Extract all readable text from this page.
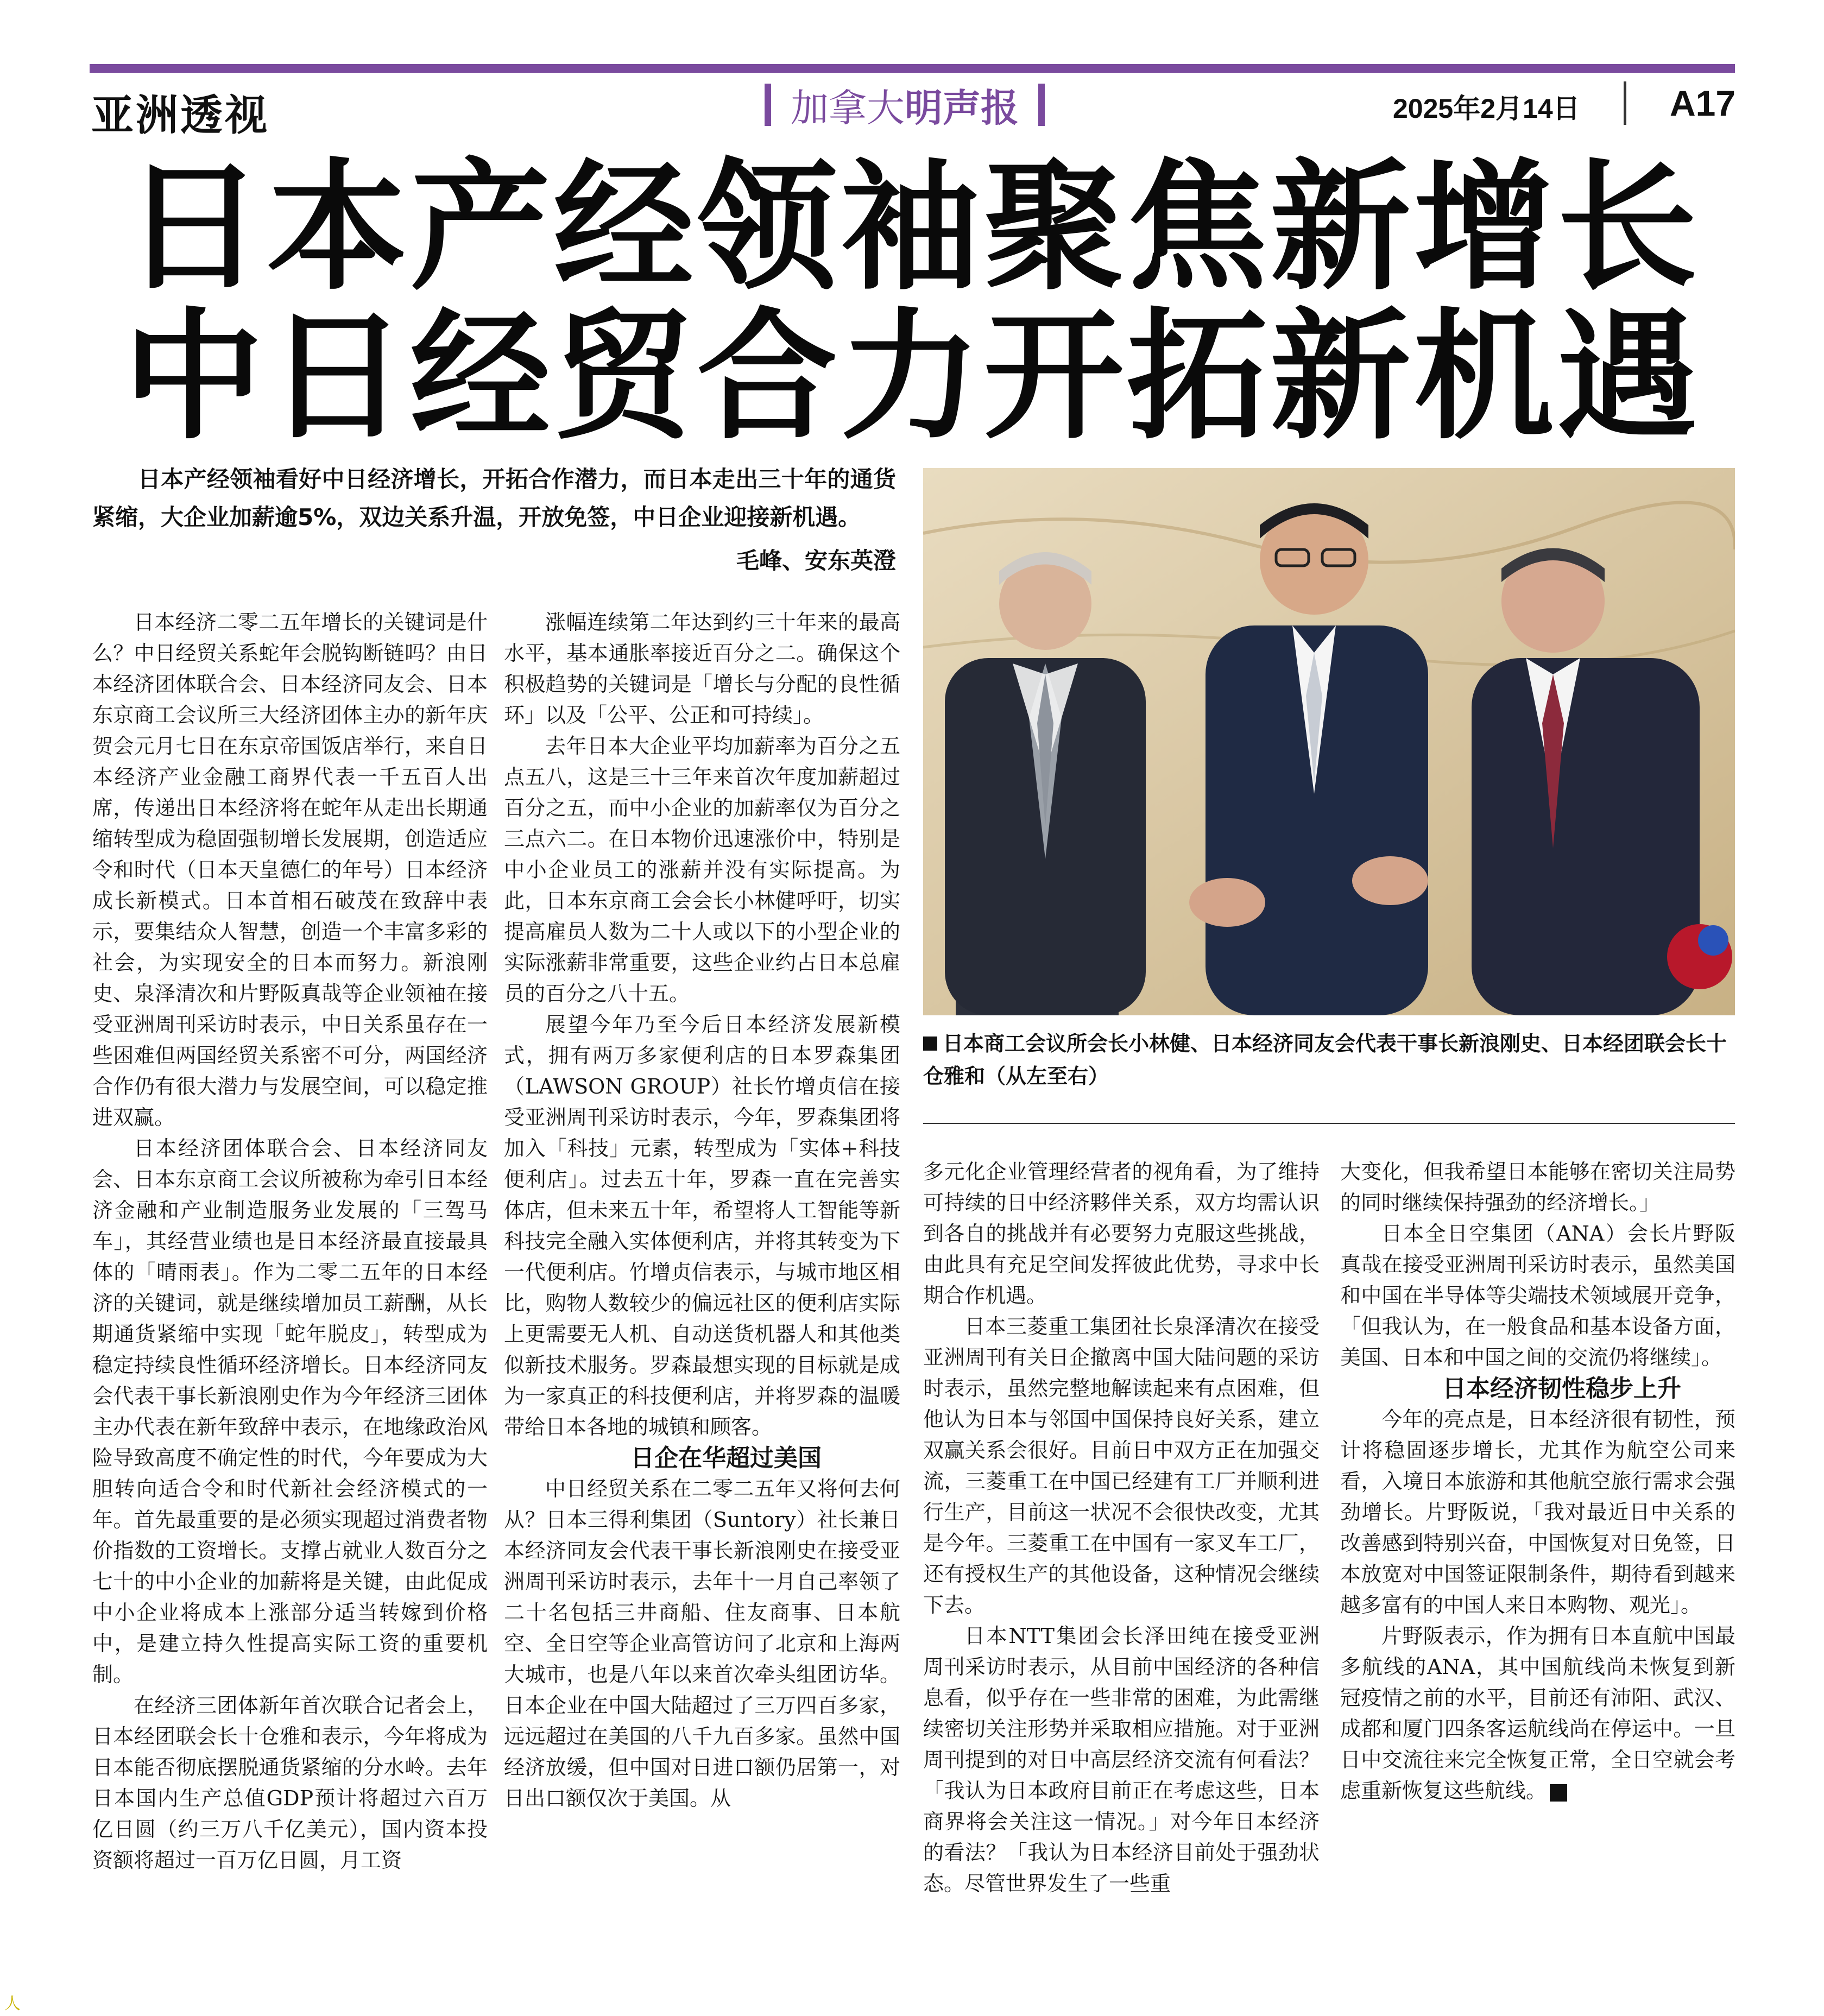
亚洲透视	加拿大 明声报	2025年2月14日	A17
日本产经领袖聚焦新增长
中日经贸合力开拓新机遇
日本产经领袖看好中日经济增长，开拓合作潜力，而日本走出三十年的通货紧缩，大企业加薪逾5%，双边关系升温，开放免签，中日企业迎接新机遇。
毛峰、安东英澄
日本商工会议所会长小林健、日本经济同友会代表干事长新浪刚史、日本经团联会长十仓雅和（从左至右）

日本经济二零二五年增长的关键词是什么？中日经贸关系蛇年会脱钩断链吗？由日本经济团体联合会、日本经济同友会、日本东京商工会议所三大经济团体主办的新年庆贺会元月七日在东京帝国饭店举行，来自日本经济产业金融工商界代表一千五百人出席，传递出日本经济将在蛇年从走出长期通缩转型成为稳固强韧增长发展期，创造适应令和时代（日本天皇德仁的年号）日本经济成长新模式。日本首相石破茂在致辞中表示，要集结众人智慧，创造一个丰富多彩的社会，为实现安全的日本而努力。新浪刚史、泉泽清次和片野阪真哉等企业领袖在接受亚洲周刊采访时表示，中日关系虽存在一些困难但两国经贸关系密不可分，两国经济合作仍有很大潜力与发展空间，可以稳定推进双赢。

日本经济团体联合会、日本经济同友会、日本东京商工会议所被称为牵引日本经济金融和产业制造服务业发展的「三驾马车」，其经营业绩也是日本经济最直接最具体的「晴雨表」。作为二零二五年的日本经济的关键词，就是继续增加员工薪酬，从长期通货紧缩中实现「蛇年脱皮」，转型成为稳定持续良性循环经济增长。日本经济同友会代表干事长新浪刚史作为今年经济三团体主办代表在新年致辞中表示，在地缘政治风险导致高度不确定性的时代，今年要成为大胆转向适合令和时代新社会经济模式的一年。首先最重要的是必须实现超过消费者物价指数的工资增长。支撑占就业人数百分之七十的中小企业的加薪将是关键，由此促成中小企业将成本上涨部分适当转嫁到价格中，是建立持久性提高实际工资的重要机制。

在经济三团体新年首次联合记者会上，日本经团联会长十仓雅和表示，今年将成为日本能否彻底摆脱通货紧缩的分水岭。去年日本国内生产总值GDP预计将超过六百万亿日圆（约三万八千亿美元），国内资本投资额将超过一百万亿日圆，月工资

涨幅连续第二年达到约三十年来的最高水平，基本通胀率接近百分之二。确保这个积极趋势的关键词是「增长与分配的良性循环」以及「公平、公正和可持续」。

去年日本大企业平均加薪率为百分之五点五八，这是三十三年来首次年度加薪超过百分之五，而中小企业的加薪率仅为百分之三点六二。在日本物价迅速涨价中，特别是中小企业员工的涨薪并没有实际提高。为此，日本东京商工会会长小林健呼吁，切实提高雇员人数为二十人或以下的小型企业的实际涨薪非常重要，这些企业约占日本总雇员的百分之八十五。

展望今年乃至今后日本经济发展新模式，拥有两万多家便利店的日本罗森集团（LAWSON GROUP）社长竹增贞信在接受亚洲周刊采访时表示，今年，罗森集团将加入「科技」元素，转型成为「实体+科技便利店」。过去五十年，罗森一直在完善实体店，但未来五十年，希望将人工智能等新科技完全融入实体便利店，并将其转变为下一代便利店。竹增贞信表示，与城市地区相比，购物人数较少的偏远社区的便利店实际上更需要无人机、自动送货机器人和其他类似新技术服务。罗森最想实现的目标就是成为一家真正的科技便利店，并将罗森的温暖带给日本各地的城镇和顾客。

日企在华超过美国

中日经贸关系在二零二五年又将何去何从？日本三得利集团（Suntory）社长兼日本经济同友会代表干事长新浪刚史在接受亚洲周刊采访时表示，去年十一月自己率领了二十名包括三井商船、住友商事、日本航空、全日空等企业高管访问了北京和上海两大城市，也是八年以来首次牵头组团访华。日本企业在中国大陆超过了三万四百多家，远远超过在美国的八千九百多家。虽然中国经济放缓，但中国对日进口额仍居第一，对日出口额仅次于美国。从

多元化企业管理经营者的视角看，为了维持可持续的日中经济夥伴关系，双方均需认识到各自的挑战并有必要努力克服这些挑战，由此具有充足空间发挥彼此优势，寻求中长期合作机遇。

日本三菱重工集团社长泉泽清次在接受亚洲周刊有关日企撤离中国大陆问题的采访时表示，虽然完整地解读起来有点困难，但他认为日本与邻国中国保持良好关系，建立双赢关系会很好。目前日中双方正在加强交流，三菱重工在中国已经建有工厂并顺利进行生产，目前这一状况不会很快改变，尤其是今年。三菱重工在中国有一家叉车工厂，还有授权生产的其他设备，这种情况会继续下去。

日本NTT集团会长泽田纯在接受亚洲周刊采访时表示，从目前中国经济的各种信息看，似乎存在一些非常的困难，为此需继续密切关注形势并采取相应措施。对于亚洲周刊提到的对日中高层经济交流有何看法？「我认为日本政府目前正在考虑这些，日本商界将会关注这一情况。」对今年日本经济的看法？「我认为日本经济目前处于强劲状态。尽管世界发生了一些重

大变化，但我希望日本能够在密切关注局势的同时继续保持强劲的经济增长。」

日本全日空集团（ANA）会长片野阪真哉在接受亚洲周刊采访时表示，虽然美国和中国在半导体等尖端技术领域展开竞争，「但我认为，在一般食品和基本设备方面，美国、日本和中国之间的交流仍将继续」。

日本经济韧性稳步上升

今年的亮点是，日本经济很有韧性，预计将稳固逐步增长，尤其作为航空公司来看，入境日本旅游和其他航空旅行需求会强劲增长。片野阪说，「我对最近日中关系的改善感到特别兴奋，中国恢复对日免签，日本放宽对中国签证限制条件，期待看到越来越多富有的中国人来日本购物、观光」。

片野阪表示，作为拥有日本直航中国最多航线的ANA，其中国航线尚未恢复到新冠疫情之前的水平，目前还有沛阳、武汉、成都和厦门四条客运航线尚在停运中。一旦日中交流往来完全恢复正常，全日空就会考虑重新恢复这些航线。

人
